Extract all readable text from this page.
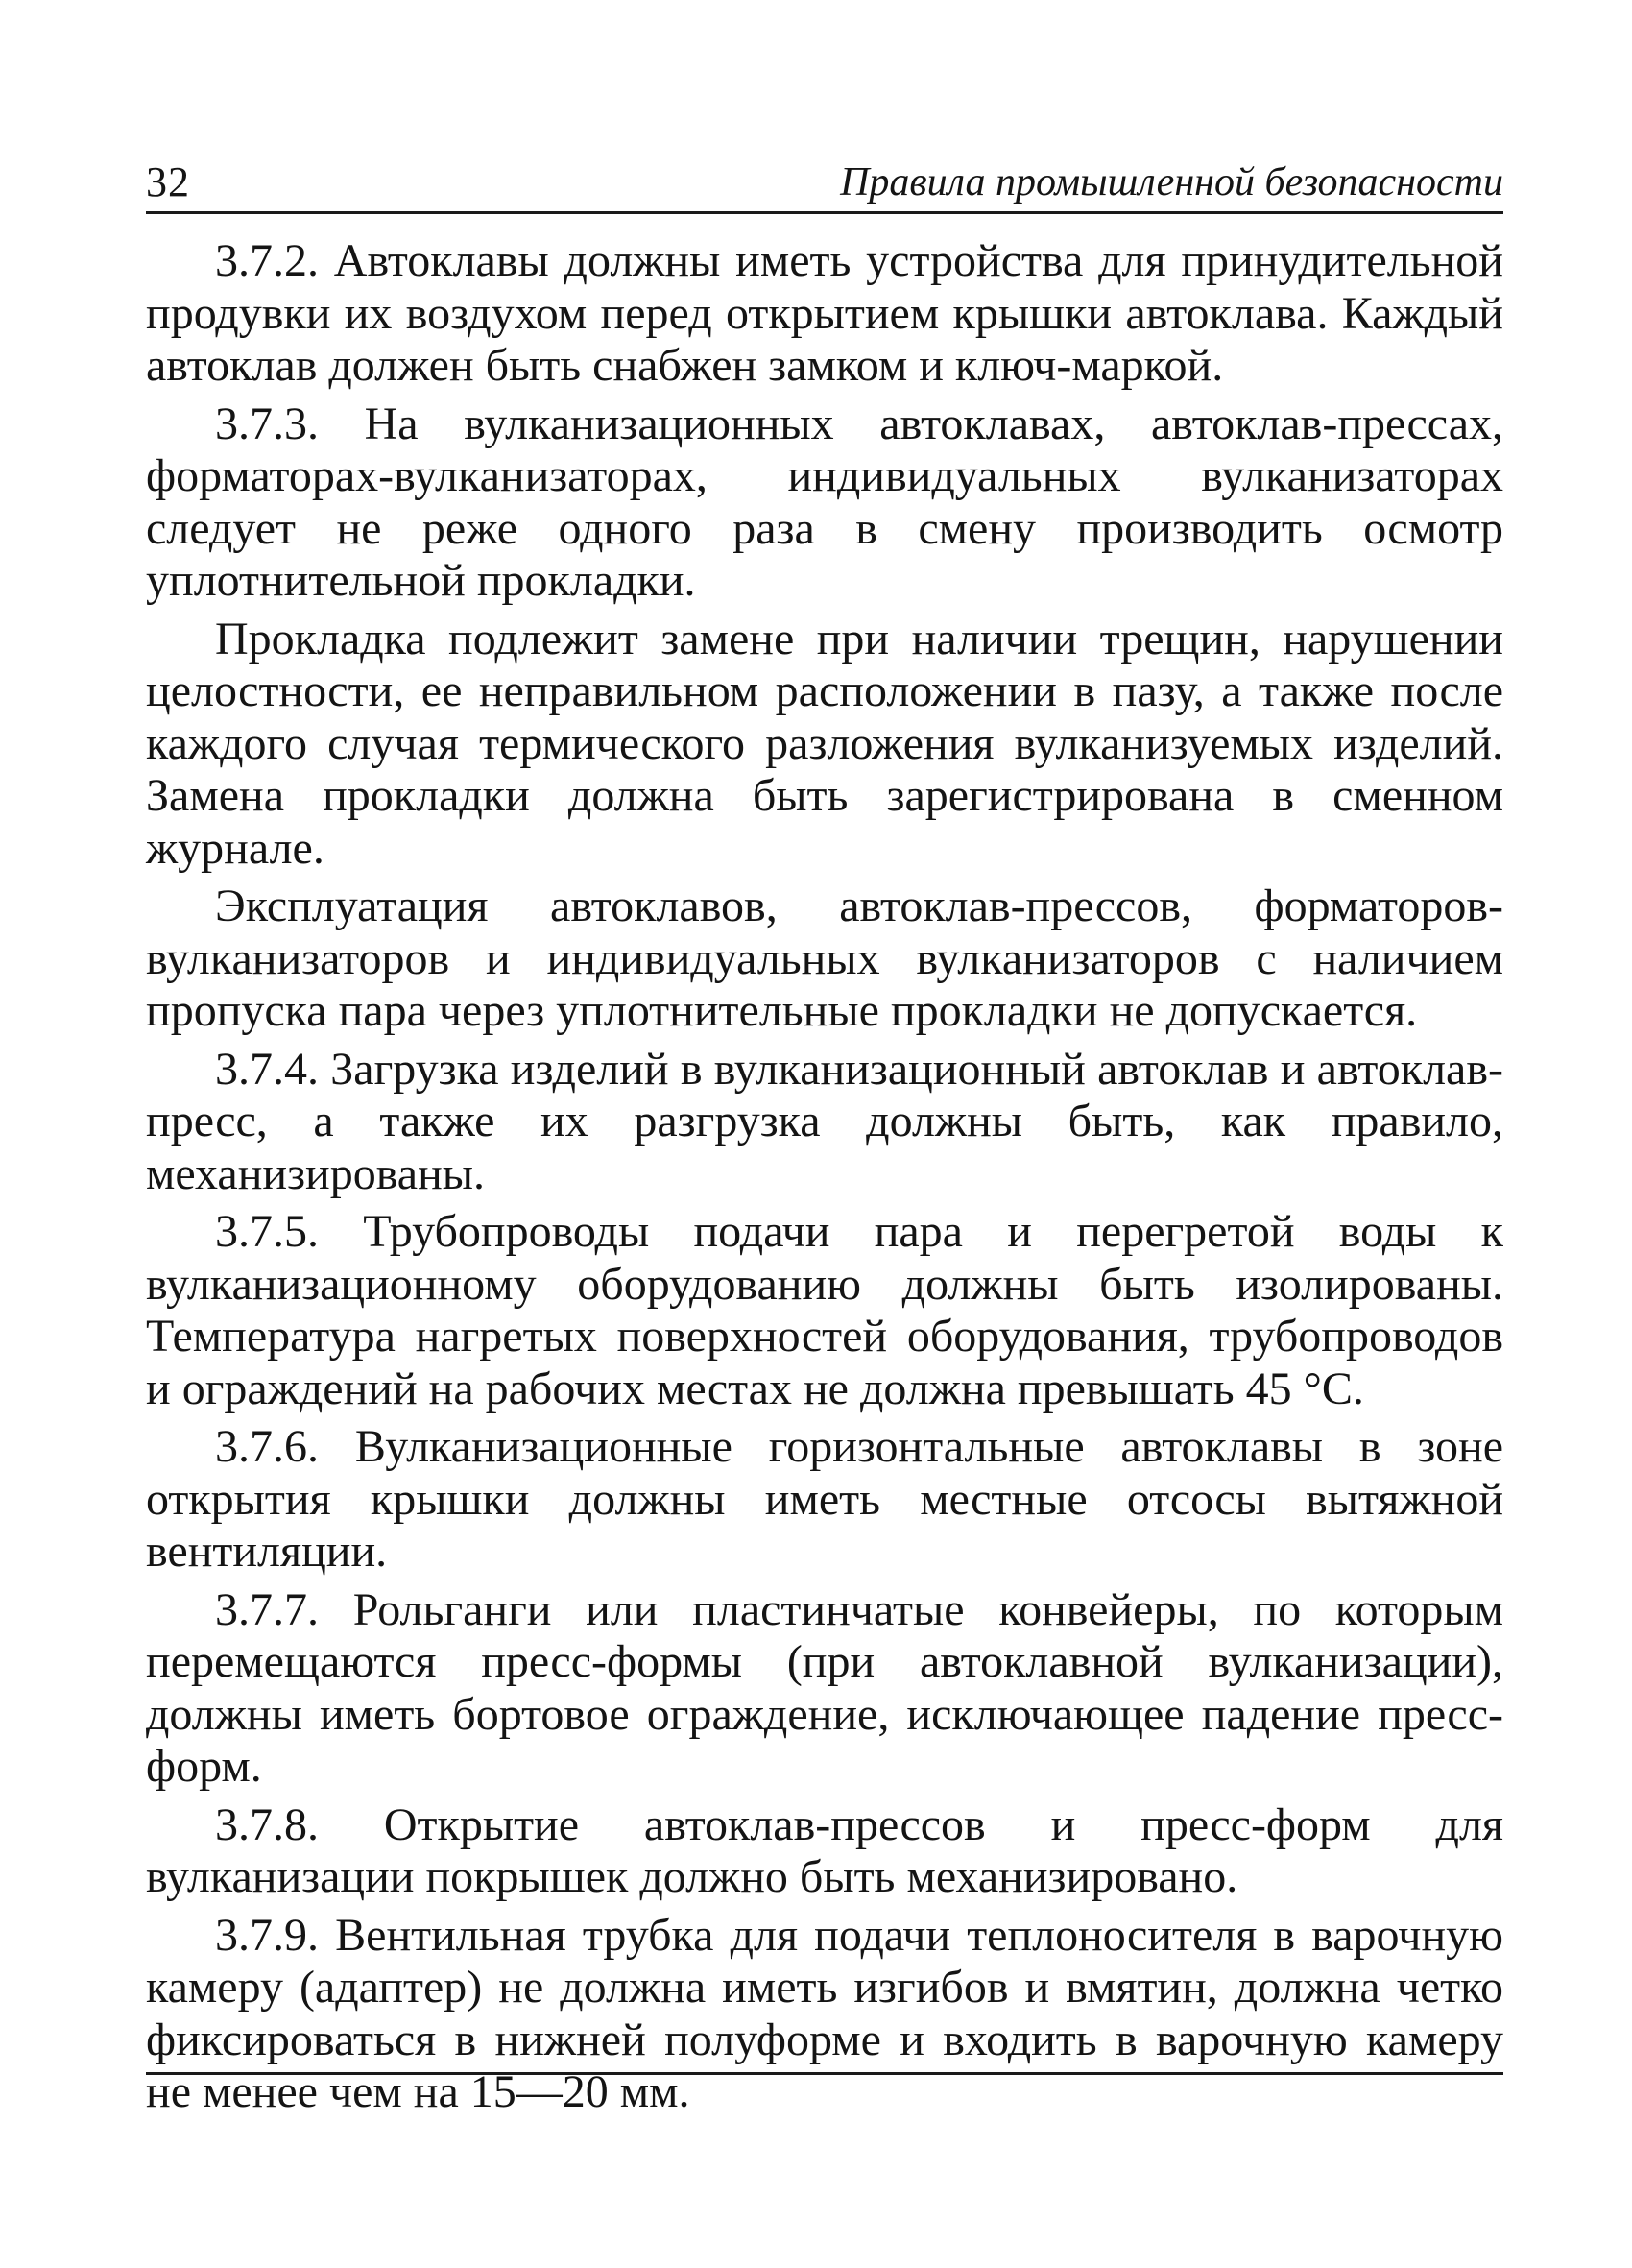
32	Правила промышленной безопасности

3.7.2. Автоклавы должны иметь устройства для принудительной продувки их воздухом перед открытием крышки автоклава. Каждый автоклав должен быть снабжен замком и ключ-маркой.

3.7.3. На вулканизационных автоклавах, автоклав-прессах, форматорах-вулканизаторах, индивидуальных вулканизаторах следует не реже одного раза в смену производить осмотр уплотнительной прокладки.

Прокладка подлежит замене при наличии трещин, нарушении целостности, ее неправильном расположении в пазу, а также после каждого случая термического разложения вулканизуемых изделий. Замена прокладки должна быть зарегистрирована в сменном журнале.

Эксплуатация автоклавов, автоклав-прессов, форматоров-вулканизаторов и индивидуальных вулканизаторов с наличием пропуска пара через уплотнительные прокладки не допускается.

3.7.4. Загрузка изделий в вулканизационный автоклав и автоклав-пресс, а также их разгрузка должны быть, как правило, механизированы.

3.7.5. Трубопроводы подачи пара и перегретой воды к вулканизационному оборудованию должны быть изолированы. Температура нагретых поверхностей оборудования, трубопроводов и ограждений на рабочих местах не должна превышать 45 °С.

3.7.6. Вулканизационные горизонтальные автоклавы в зоне открытия крышки должны иметь местные отсосы вытяжной вентиляции.

3.7.7. Рольганги или пластинчатые конвейеры, по которым перемещаются пресс-формы (при автоклавной вулканизации), должны иметь бортовое ограждение, исключающее падение пресс-форм.

3.7.8. Открытие автоклав-прессов и пресс-форм для вулканизации покрышек должно быть механизировано.

3.7.9. Вентильная трубка для подачи теплоносителя в варочную камеру (адаптер) не должна иметь изгибов и вмятин, должна четко фиксироваться в нижней полуформе и входить в варочную камеру не менее чем на 15—20 мм.
